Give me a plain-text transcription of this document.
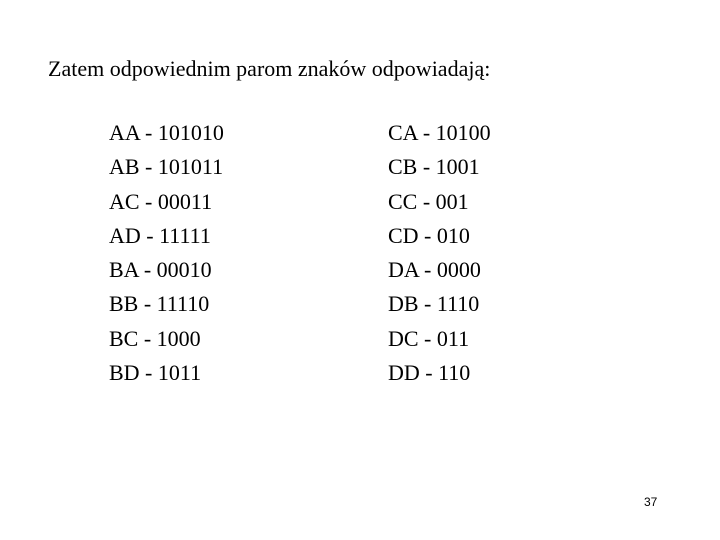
Zatem odpowiednim parom znaków odpowiadają:
AA - 101010
AB - 101011
AC - 00011
AD - 11111
BA - 00010
BB - 11110
BC - 1000
BD - 1011
CA - 10100
CB - 1001
CC - 001
CD - 010
DA - 0000
DB - 1110
DC - 011
DD - 110
37
